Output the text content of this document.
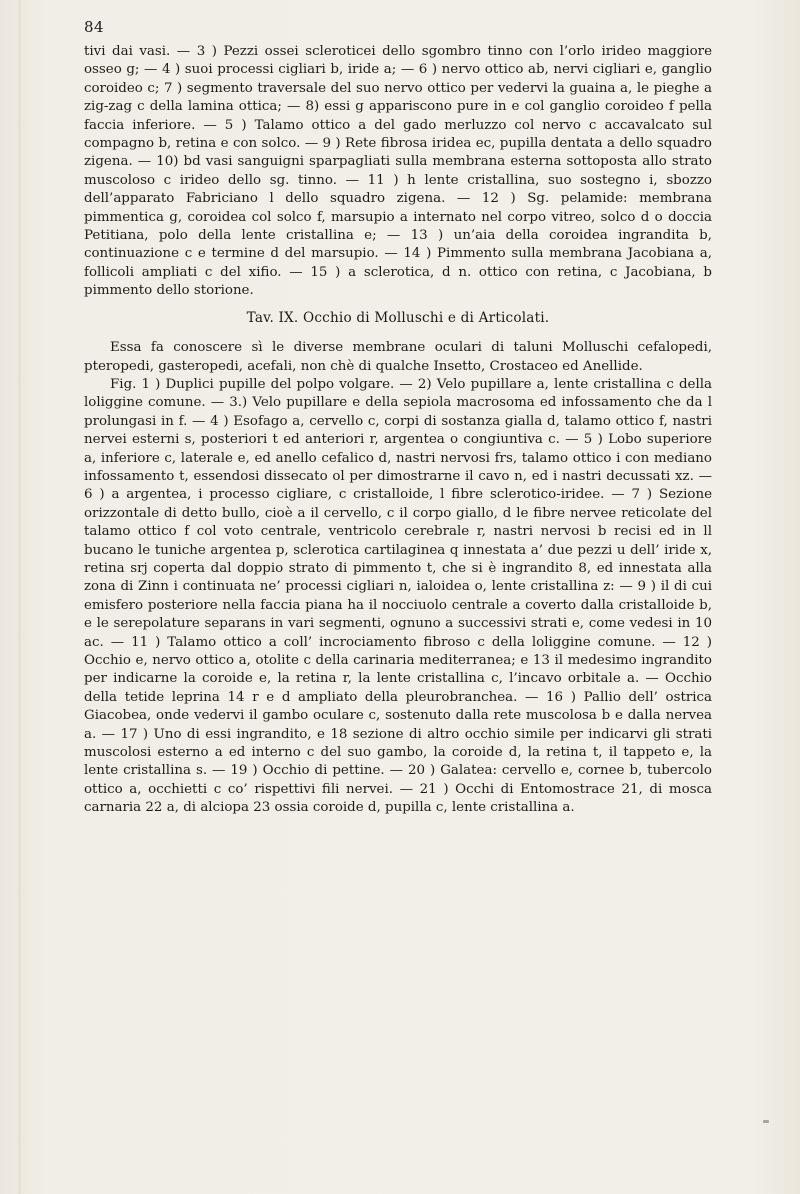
84

tivi dai vasi. — 3 ) Pezzi ossei scleroticei dello sgombro tinno con l’orlo irideo maggiore osseo g; — 4 ) suoi processi cigliari b, iride a; — 6 ) nervo ottico ab, nervi cigliari e, ganglio coroideo c; 7 ) segmento traversale del suo nervo ottico per vedervi la guaina a, le pieghe a zig-zag c della lamina ottica; — 8) essi g appariscono pure in e col ganglio coroideo f pella faccia inferiore. — 5 ) Talamo ottico a del gado merluzzo col nervo c accavalcato sul compagno b, retina e con solco. — 9 ) Rete fibrosa iridea ec, pupilla dentata a dello squadro zigena. — 10) bd vasi sanguigni sparpagliati sulla membrana esterna sottoposta allo strato muscoloso c irideo dello sg. tinno. — 11 ) h lente cristallina, suo sostegno i, sbozzo dell’apparato Fabriciano l dello squadro zigena. — 12 ) Sg. pelamide: membrana pimmentica g, coroidea col solco f, marsupio a internato nel corpo vitreo, solco d o doccia Petitiana, polo della lente cristallina e; — 13 ) un’aia della coroidea ingrandita b, continuazione c e termine d del marsupio. — 14 ) Pimmento sulla membrana Jacobiana a, follicoli ampliati c del xifio. — 15 ) a sclerotica, d n. ottico con retina, c Jacobiana, b pimmento dello storione.

Tav. IX. Occhio di Molluschi e di Articolati.

Essa fa conoscere sì le diverse membrane oculari di taluni Molluschi cefalopedi, pteropedi, gasteropedi, acefali, non chè di qualche Insetto, Crostaceo ed Anellide.

Fig. 1 ) Duplici pupille del polpo volgare. — 2) Velo pupillare a, lente cristallina c della loliggine comune. — 3.) Velo pupillare e della sepiola macrosoma ed infossamento che da l prolungasi in f. — 4 ) Esofago a, cervello c, corpi di sostanza gialla d, talamo ottico f, nastri nervei esterni s, posteriori t ed anteriori r, argentea o congiuntiva c. — 5 ) Lobo superiore a, inferiore c, laterale e, ed anello cefalico d, nastri nervosi frs, talamo ottico i con mediano infossamento t, essendosi dissecato ol per dimostrarne il cavo n, ed i nastri decussati xz. — 6 ) a argentea, i processo cigliare, c cristalloide, l fibre sclerotico-iridee. — 7 ) Sezione orizzontale di detto bullo, cioè a il cervello, c il corpo giallo, d le fibre nervee reticolate del talamo ottico f col voto centrale, ventricolo cerebrale r, nastri nervosi b recisi ed in ll bucano le tuniche argentea p, sclerotica cartilaginea q innestata a’ due pezzi u dell’ iride x, retina srj coperta dal doppio strato di pimmento t, che si è ingrandito 8, ed innestata alla zona di Zinn i continuata ne’ processi cigliari n, ialoidea o, lente cristallina z: — 9 ) il di cui emisfero posteriore nella faccia piana ha il nocciuolo centrale a coverto dalla cristalloide b, e le serepolature separans in vari segmenti, ognuno a successivi strati e, come vedesi in 10 ac. — 11 ) Talamo ottico a coll’ incrociamento fibroso c della loliggine comune. — 12 ) Occhio e, nervo ottico a, otolite c della carinaria mediterranea; e 13 il medesimo ingrandito per indicarne la coroide e, la retina r, la lente cristallina c, l’incavo orbitale a. — Occhio della tetide leprina 14 r e d ampliato della pleurobranchea. — 16 ) Pallio dell’ ostrica Giacobea, onde vedervi il gambo oculare c, sostenuto dalla rete muscolosa b e dalla nervea a. — 17 ) Uno di essi ingrandito, e 18 sezione di altro occhio simile per indicarvi gli strati muscolosi esterno a ed interno c del suo gambo, la coroide d, la retina t, il tappeto e, la lente cristallina s. — 19 ) Occhio di pettine. — 20 ) Galatea: cervello e, cornee b, tubercolo ottico a, occhietti c co’ rispettivi fili nervei. — 21 ) Occhi di Entomostrace 21, di mosca carnaria 22 a, di alciopa 23 ossia coroide d, pupilla c, lente cristallina a.
